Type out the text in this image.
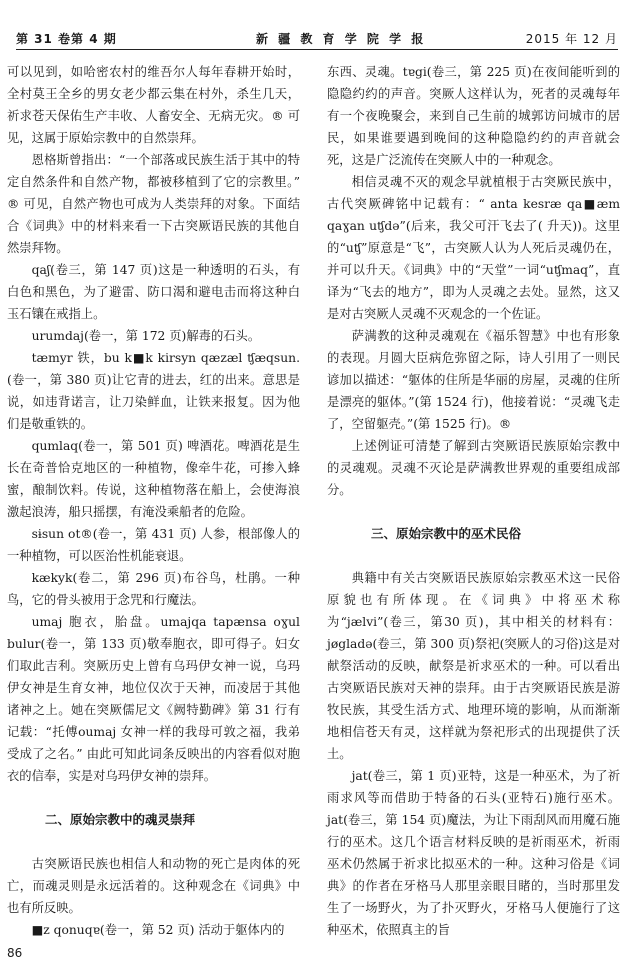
第 31 卷第 4 期	新 疆 教 育 学 院 学 报	2015 年 12 月

可以见到，如哈密农村的维吾尔人每年春耕开始时，全村莫王全乡的男女老少都云集在村外，杀生几天，祈求苍天保佑生产丰收、人畜安全、无病无灾。® 可见，这属于原始宗教中的自然崇拜。

恩格斯曾指出：“一个部落或民族生活于其中的特定自然条件和自然产物，都被移植到了它的宗教里。” ® 可见，自然产物也可成为人类崇拜的对象。下面结合《词典》中的材料来看一下古突厥语民族的其他自然崇拜物。

qaʃ(卷三，第 147 页)这是一种透明的石头，有白色和黑色，为了避雷、防口渴和避电击而将这种白玉石镶在戒指上。

urumdaj(卷一，第 172 页)解毒的石头。

tæmyr 铁，bu k■k kirsyn qæzæl ʧæqsun.(卷一，第 380 页)让它青的进去，红的出来。意思是说，如违背诺言，让刀染鲜血，让铁来报复。因为他们是敬重铁的。

qumlaq(卷一，第 501 页) 啤酒花。啤酒花是生长在奇普恰克地区的一种植物，像牵牛花，可掺入蜂蜜，酿制饮料。传说，这种植物落在船上，会使海浪激起浪涛，船只摇摆，有淹没乘船者的危险。

sɨsun ot®(卷一，第 431 页) 人参，根部像人的一种植物，可以医治性机能衰退。

kækyk(卷二，第 296 页)布谷鸟，杜鹃。一种鸟，它的骨头被用于念咒和行魔法。

umaj 胞衣，胎盘。umajqa tapænsa oɣul bulur(卷一，第 133 页)敬奉胞衣，即可得子。妇女们取此吉利。突厥历史上曾有乌玛伊女神一说，乌玛伊女神是生育女神，地位仅次于天神，而凌居于其他诸神之上。她在突厥儒尼文《阙特勤碑》第 31 行有记载：“托傅oumaj 女神一样的我母可敦之福，我弟受成了之名。” 由此可知此词条反映出的内容看似对胞衣的信奉，实是对乌玛伊女神的崇拜。

二、原始宗教中的魂灵崇拜

古突厥语民族也相信人和动物的死亡是肉体的死亡，而魂灵则是永远活着的。这种观念在《词典》中也有所反映。

■z qonuqɐ(卷一，第 52 页) 活动于躯体内的

东西、灵魂。tɐgi(卷三，第 225 页)在夜间能听到的隐隐约约的声音。突厥人这样认为，死者的灵魂每年有一个夜晚聚会，来到自己生前的城郭访问城市的居民，如果谁要遇到晚间的这种隐隐约约的声音就会死，这是广泛流传在突厥人中的一种观念。

相信灵魂不灭的观念早就植根于古突厥民族中，古代突厥碑铭中记载有：“ anta kesræ qa■æm qaɣan uʧdə”(后来，我父可汗飞去了( 升天))。这里的“uʧ”原意是“飞”，古突厥人认为人死后灵魂仍在，并可以升天。《词典》中的“天堂”一词“uʧmaq”，直译为“飞去的地方”，即为人灵魂之去处。显然，这又是对古突厥人灵魂不灭观念的一个佐证。

萨满教的这种灵魂观在《福乐智慧》中也有形象的表现。月圆大臣病危弥留之际，诗人引用了一则民谚加以描述：“躯体的住所是华丽的房屋，灵魂的住所是漂亮的躯体。”(第 1524 行)，他接着说：“灵魂飞走了，空留躯壳。”(第 1525 行)。®

上述例证可清楚了解到古突厥语民族原始宗教中的灵魂观。灵魂不灭论是萨满教世界观的重要组成部分。

三、原始宗教中的巫术民俗

典籍中有关古突厥语民族原始宗教巫术这一民俗原貌也有所体现。在《词典》中将巫术称为“jælvi”(卷三，第30 页)，其中相关的材料有：jøgladə(卷三，第 300 页)祭祀(突厥人的习俗)这是对献祭活动的反映，献祭是祈求巫术的一种。可以看出古突厥语民族对天神的崇拜。由于古突厥语民族是游牧民族，其受生活方式、地理环境的影响，从而渐渐地相信苍天有灵，这样就为祭祀形式的出现提供了沃土。

jat(卷三，第 1 页)亚特，这是一种巫术，为了祈雨求风等而借助于特备的石头(亚特石)施行巫术。jat(卷三，第 154 页)魔法，为让下雨刮风而用魔石施行的巫术。这几个语言材料反映的是祈雨巫术，祈雨巫术仍然属于祈求比拟巫术的一种。这种习俗是《词典》的作者在牙格马人那里亲眼目睹的，当时那里发生了一场野火，为了扑灭野火，牙格马人便施行了这种巫术，依照真主的旨

86
